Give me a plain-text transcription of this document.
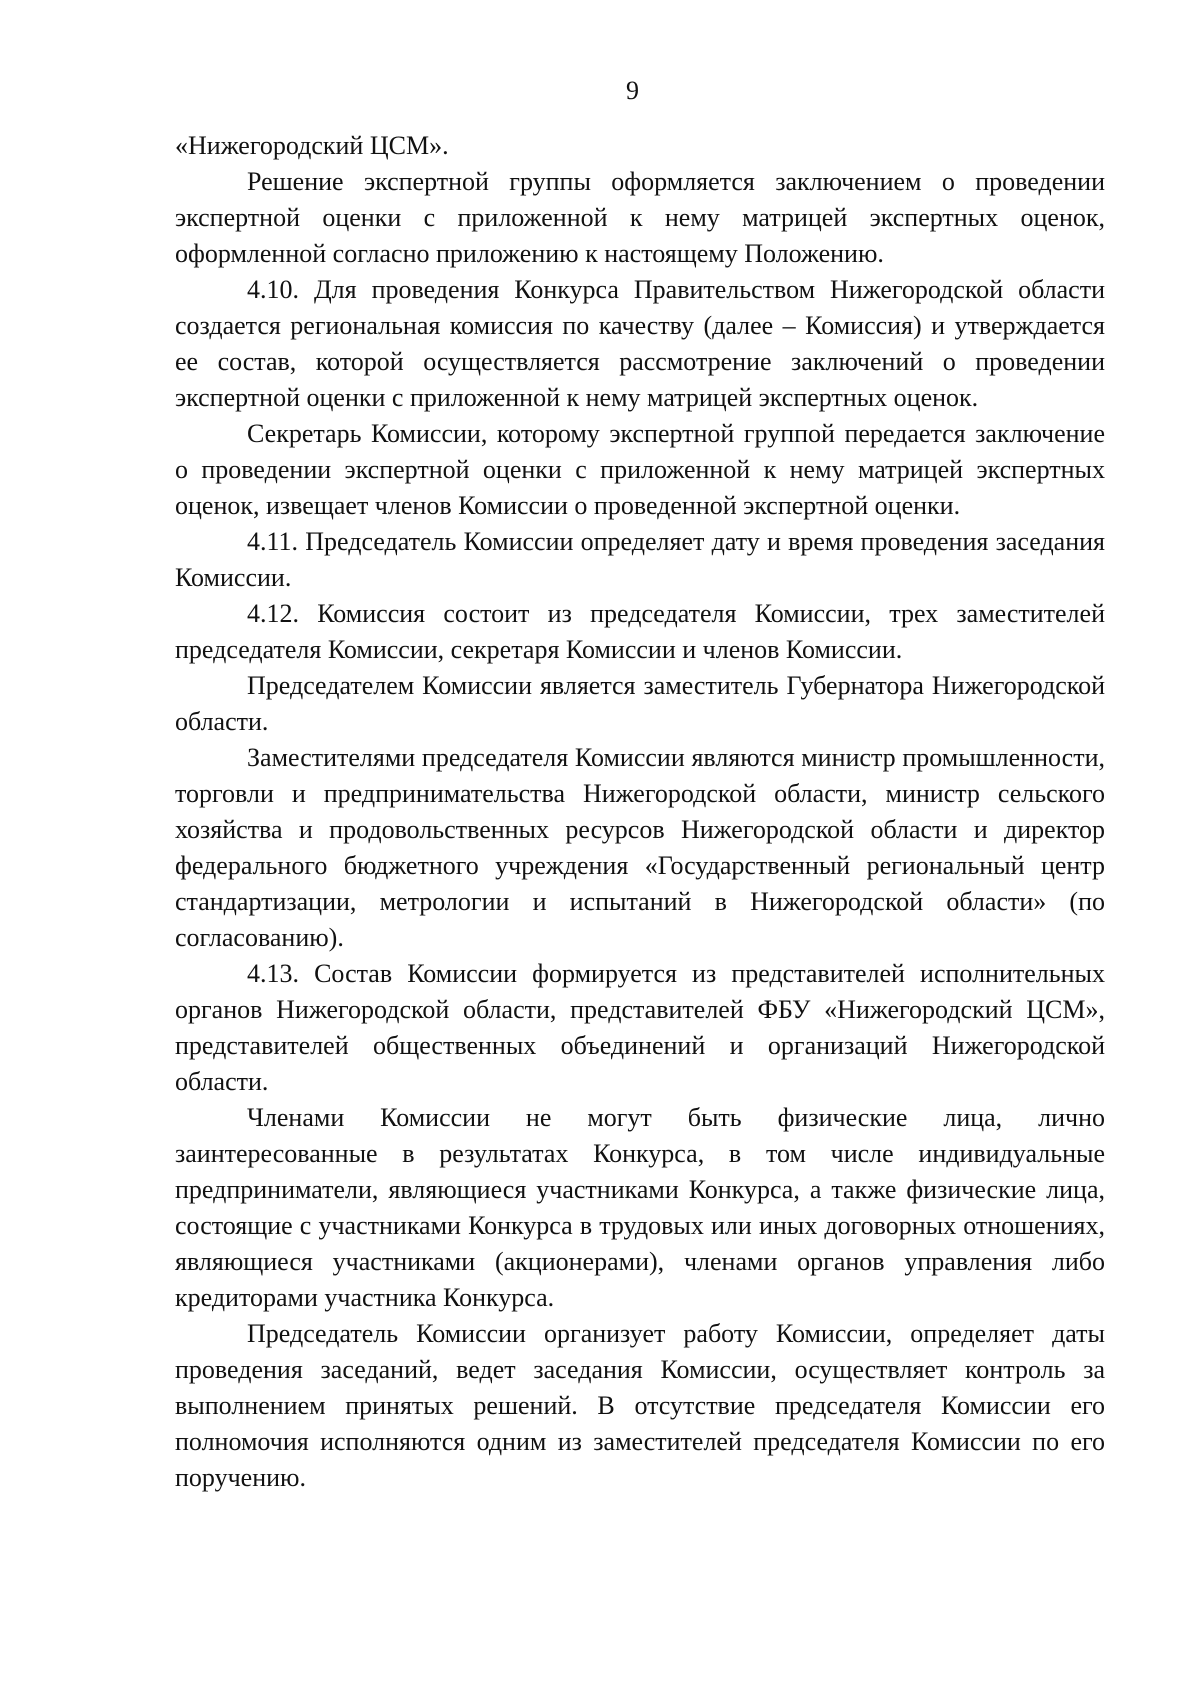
9

«Нижегородский ЦСМ».

Решение экспертной группы оформляется заключением о проведении экспертной оценки с приложенной к нему матрицей экспертных оценок, оформленной согласно приложению к настоящему Положению.

4.10. Для проведения Конкурса Правительством Нижегородской области создается региональная комиссия по качеству (далее – Комиссия) и утверждается ее состав, которой осуществляется рассмотрение заключений о проведении экспертной оценки с приложенной к нему матрицей экспертных оценок.

Секретарь Комиссии, которому экспертной группой передается заключение о проведении экспертной оценки с приложенной к нему матрицей экспертных оценок, извещает членов Комиссии о проведенной экспертной оценки.

4.11. Председатель Комиссии определяет дату и время проведения заседания Комиссии.

4.12. Комиссия состоит из председателя Комиссии, трех заместителей председателя Комиссии, секретаря Комиссии и членов Комиссии.

Председателем Комиссии является заместитель Губернатора Нижегородской области.

Заместителями председателя Комиссии являются министр промышленности, торговли и предпринимательства Нижегородской области, министр сельского хозяйства и продовольственных ресурсов Нижегородской области и директор федерального бюджетного учреждения «Государственный региональный центр стандартизации, метрологии и испытаний в Нижегородской области» (по согласованию).

4.13. Состав Комиссии формируется из представителей исполнительных органов Нижегородской области, представителей ФБУ «Нижегородский ЦСМ», представителей общественных объединений и организаций Нижегородской области.

Членами Комиссии не могут быть физические лица, лично заинтересованные в результатах Конкурса, в том числе индивидуальные предприниматели, являющиеся участниками Конкурса, а также физические лица, состоящие с участниками Конкурса в трудовых или иных договорных отношениях, являющиеся участниками (акционерами), членами органов управления либо кредиторами участника Конкурса.

Председатель Комиссии организует работу Комиссии, определяет даты проведения заседаний, ведет заседания Комиссии, осуществляет контроль за выполнением принятых решений. В отсутствие председателя Комиссии его полномочия исполняются одним из заместителей председателя Комиссии по его поручению.
